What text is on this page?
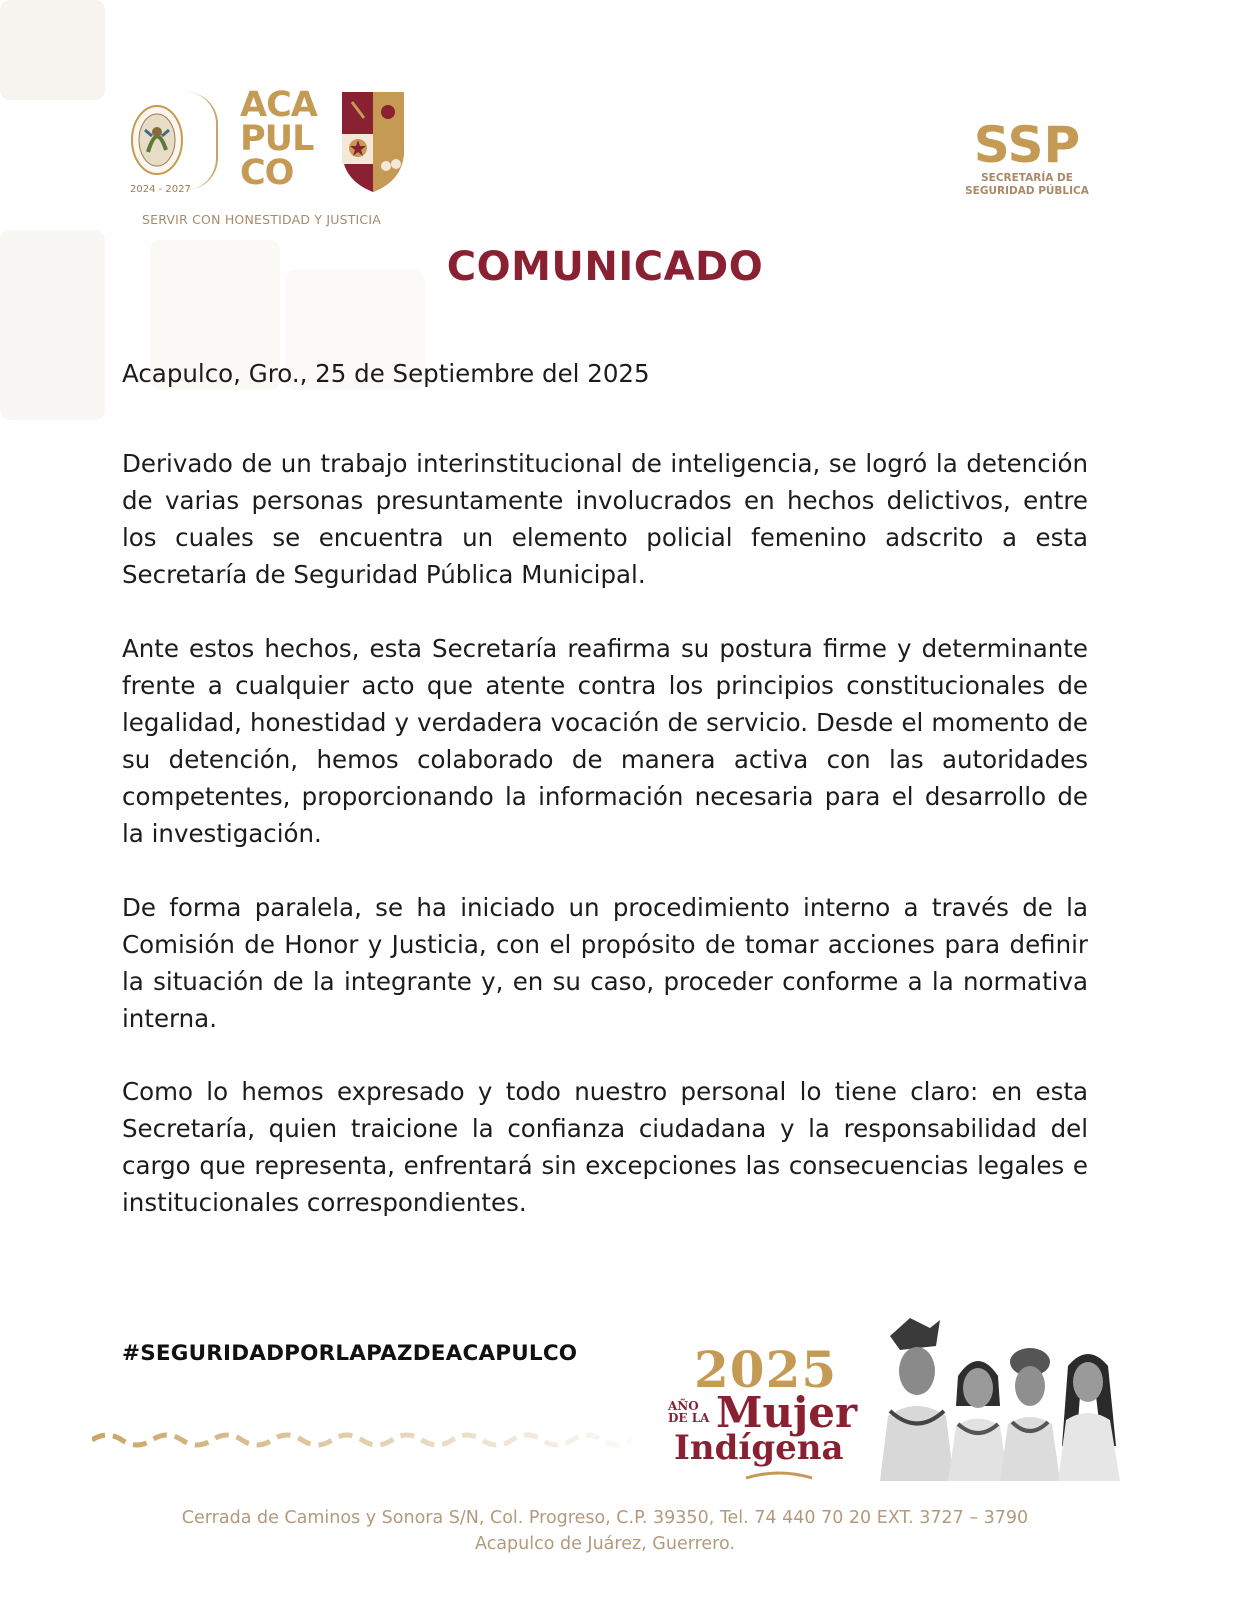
2024 - 2027
ACA
PUL
CO
SERVIR CON HONESTIDAD Y JUSTICIA
SSP
SECRETARÍA DE
SEGURIDAD PÚBLICA
COMUNICADO
Acapulco, Gro., 25 de Septiembre del 2025

Derivado de un trabajo interinstitucional de inteligencia, se logró la detención de varias personas presuntamente involucrados en hechos delictivos, entre los cuales se encuentra un elemento policial femenino adscrito a esta Secretaría de Seguridad Pública Municipal.

Ante estos hechos, esta Secretaría reafirma su postura firme y determinante frente a cualquier acto que atente contra los principios constitucionales de legalidad, honestidad y verdadera vocación de servicio. Desde el momento de su detención, hemos colaborado de manera activa con las autoridades competentes, proporcionando la información necesaria para el desarrollo de la investigación.

De forma paralela, se ha iniciado un procedimiento interno a través de la Comisión de Honor y Justicia, con el propósito de tomar acciones para definir la situación de la integrante y, en su caso, proceder conforme a la normativa interna.

Como lo hemos expresado y todo nuestro personal lo tiene claro: en esta Secretaría, quien traicione la confianza ciudadana y la responsabilidad del cargo que representa, enfrentará sin excepciones las consecuencias legales e institucionales correspondientes.

#SEGURIDADPORLAPAZDEACAPULCO 2025
AÑO
DE LA Mujer
Indígena
Cerrada de Caminos y Sonora S/N, Col. Progreso, C.P. 39350, Tel. 74 440 70 20 EXT. 3727 – 3790
Acapulco de Juárez, Guerrero.
